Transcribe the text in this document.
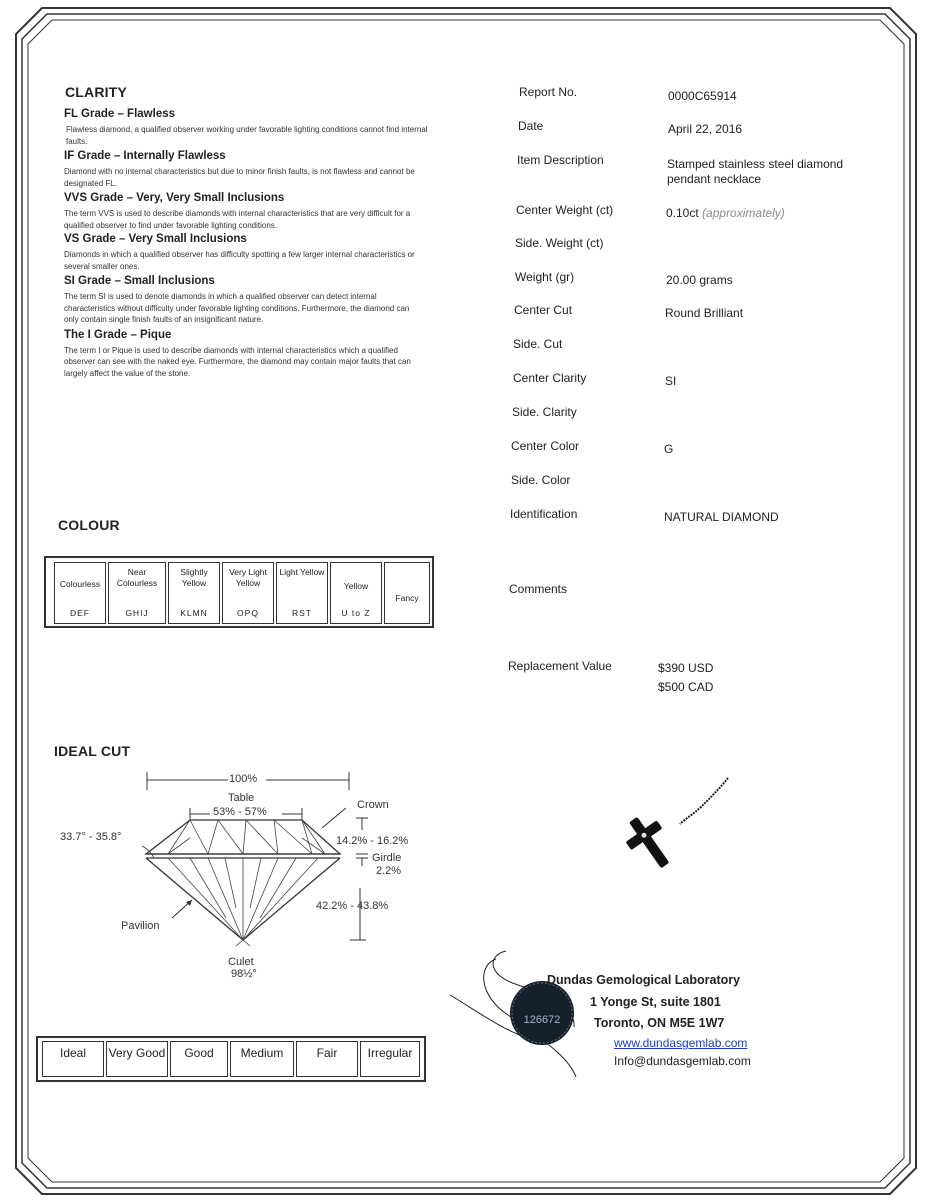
CLARITY
FL Grade – Flawless
Flawless diamond, a qualified observer working under favorable lighting conditions cannot find internal faults.
IF Grade – Internally Flawless
Diamond with no internal characteristics but due to minor finish faults, is not flawless and cannot be designated FL.
VVS Grade – Very, Very Small Inclusions
The term VVS is used to describe diamonds with internal characteristics that are very difficult for a qualified observer to find under favorable lighting conditions.
VS Grade – Very Small Inclusions
Diamonds in which a qualified observer has difficulty spotting a few larger internal characteristics or several smaller ones.
SI Grade – Small Inclusions
The term SI is used to denote diamonds in which a qualified observer can detect internal characteristics without difficulty under favorable lighting conditions. Furthermore, the diamond can only contain single finish faults of an insignificant nature.
The I Grade – Pique
The term I or Pique is used to describe diamonds with internal characteristics which a qualified observer can see with the naked eye. Furthermore, the diamond may contain major faults that can largely affect the value of the stone.
COLOUR
Colourless
DEF
Near Colourless
GHIJ
Slightly Yellow
KLMN
Very Light Yellow
OPQ
Light Yellow
RST
Yellow
U to Z
Fancy
IDEAL CUT
100%
Table
53% - 57%
Crown
33.7° - 35.8°	14.2% - 16.2%
Girdle
2.2%
42.2% - 43.8%
Pavilion
Culet
98½°
Ideal	Very Good	Good	Medium	Fair	Irregular
Report No.	0000C65914
Date	April 22, 2016
Item Description	Stamped stainless steel diamond pendant necklace
Center Weight (ct)	0.10ct (approximately)
Side. Weight (ct)
Weight (gr)	20.00 grams
Center Cut	Round Brilliant
Side. Cut
Center Clarity	SI
Side. Clarity
Center Color	G
Side. Color
Identification	NATURAL DIAMOND
Comments
Replacement Value	$390 USD
$500 CAD
126672
Dundas Gemological Laboratory
1 Yonge St, suite 1801
Toronto, ON M5E 1W7
www.dundasgemlab.com
Info@dundasgemlab.com
